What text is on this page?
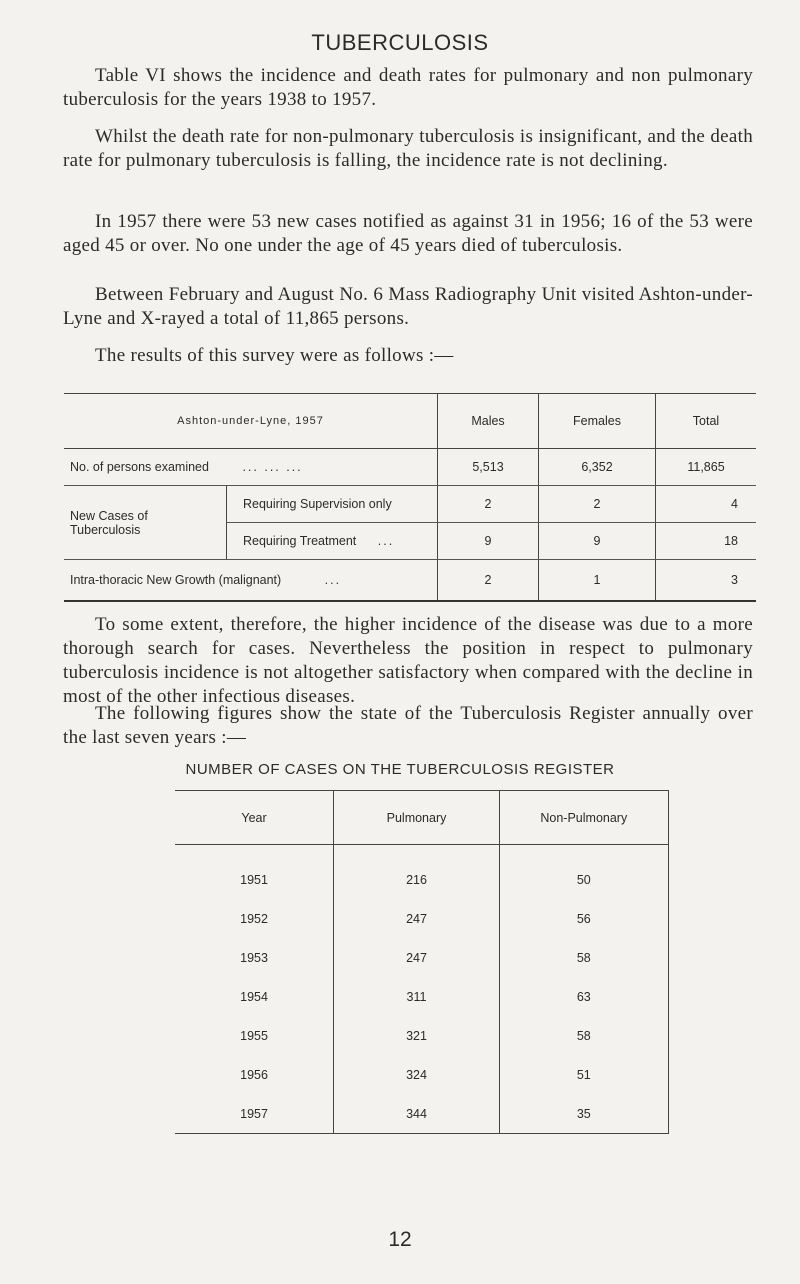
TUBERCULOSIS

Table VI shows the incidence and death rates for pulmonary and non pulmonary tuberculosis for the years 1938 to 1957.

Whilst the death rate for non-pulmonary tuberculosis is insignificant, and the death rate for pulmonary tuberculosis is falling, the incidence rate is not declining.

In 1957 there were 53 new cases notified as against 31 in 1956; 16 of the 53 were aged 45 or over. No one under the age of 45 years died of tuberculosis.

Between February and August No. 6 Mass Radiography Unit visited Ashton-under-Lyne and X-rayed a total of 11,865 persons.

The results of this survey were as follows :—

Ashton-under-Lyne, 1957		Males	Females	Total
No. of persons examined ... ... ...		5,513	6,352	11,865
New Cases of Tuberculosis	Requiring Supervision only	2	2	4
	Requiring Treatment ...	9	9	18
Intra-thoracic New Growth (malignant) ...		2	1	3

To some extent, therefore, the higher incidence of the disease was due to a more thorough search for cases. Nevertheless the position in respect to pulmonary tuberculosis incidence is not altogether satisfactory when compared with the decline in most of the other infectious diseases.

The following figures show the state of the Tuberculosis Register annually over the last seven years :—

NUMBER OF CASES ON THE TUBERCULOSIS REGISTER
Year	Pulmonary	Non-Pulmonary	

1951	216	50	
1952	247	56	
1953	247	58	
1954	311	63	
1955	321	58	
1956	324	51	
1957	344	35	
12
